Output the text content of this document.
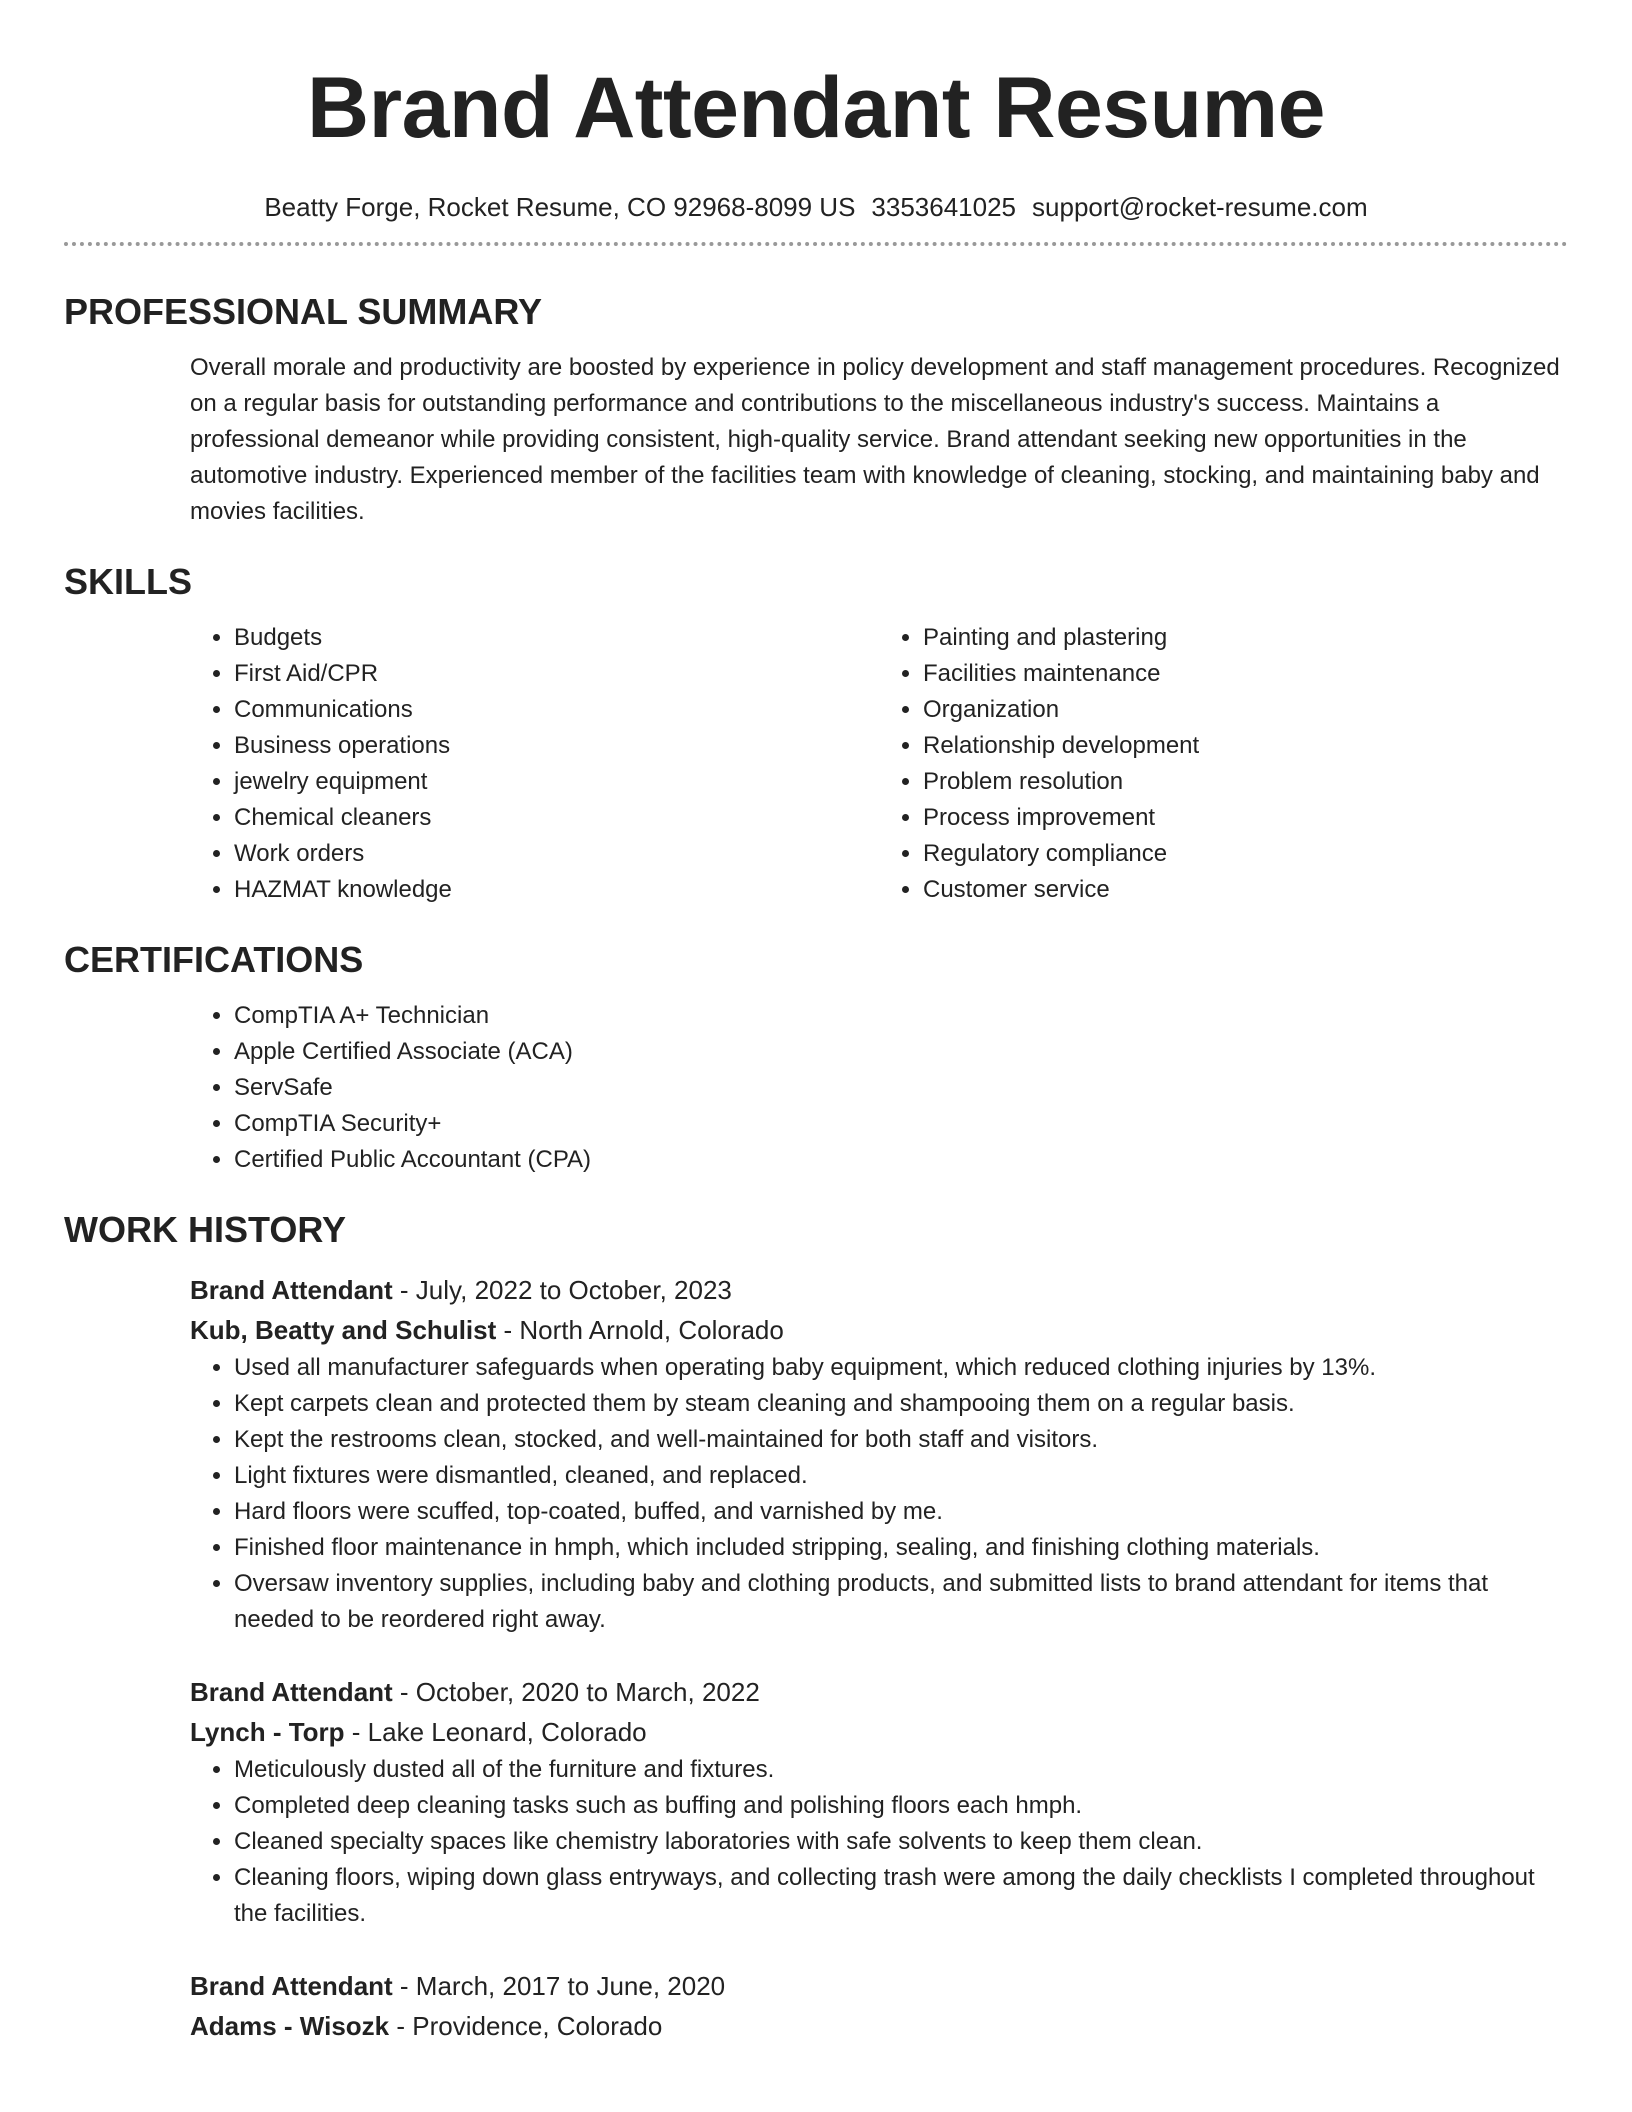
Brand Attendant Resume
Beatty Forge, Rocket Resume, CO 92968-8099 US 3353641025 support@rocket-resume.com
PROFESSIONAL SUMMARY

Overall morale and productivity are boosted by experience in policy development and staff management procedures. Recognized on a regular basis for outstanding performance and contributions to the miscellaneous industry's success. Maintains a professional demeanor while providing consistent, high-quality service. Brand attendant seeking new opportunities in the automotive industry. Experienced member of the facilities team with knowledge of cleaning, stocking, and maintaining baby and movies facilities.

SKILLS
• Budgets
• First Aid/CPR
• Communications
• Business operations
• jewelry equipment
• Chemical cleaners
• Work orders
• HAZMAT knowledge
• Painting and plastering
• Facilities maintenance
• Organization
• Relationship development
• Problem resolution
• Process improvement
• Regulatory compliance
• Customer service
CERTIFICATIONS
• CompTIA A+ Technician
• Apple Certified Associate (ACA)
• ServSafe
• CompTIA Security+
• Certified Public Accountant (CPA)
WORK HISTORY
Brand Attendant - July, 2022 to October, 2023
Kub, Beatty and Schulist - North Arnold, Colorado
• Used all manufacturer safeguards when operating baby equipment, which reduced clothing injuries by 13%.
• Kept carpets clean and protected them by steam cleaning and shampooing them on a regular basis.
• Kept the restrooms clean, stocked, and well-maintained for both staff and visitors.
• Light fixtures were dismantled, cleaned, and replaced.
• Hard floors were scuffed, top-coated, buffed, and varnished by me.
• Finished floor maintenance in hmph, which included stripping, sealing, and finishing clothing materials.
• Oversaw inventory supplies, including baby and clothing products, and submitted lists to brand attendant for items that needed to be reordered right away.
Brand Attendant - October, 2020 to March, 2022
Lynch - Torp - Lake Leonard, Colorado
• Meticulously dusted all of the furniture and fixtures.
• Completed deep cleaning tasks such as buffing and polishing floors each hmph.
• Cleaned specialty spaces like chemistry laboratories with safe solvents to keep them clean.
• Cleaning floors, wiping down glass entryways, and collecting trash were among the daily checklists I completed throughout the facilities.
Brand Attendant - March, 2017 to June, 2020
Adams - Wisozk - Providence, Colorado
